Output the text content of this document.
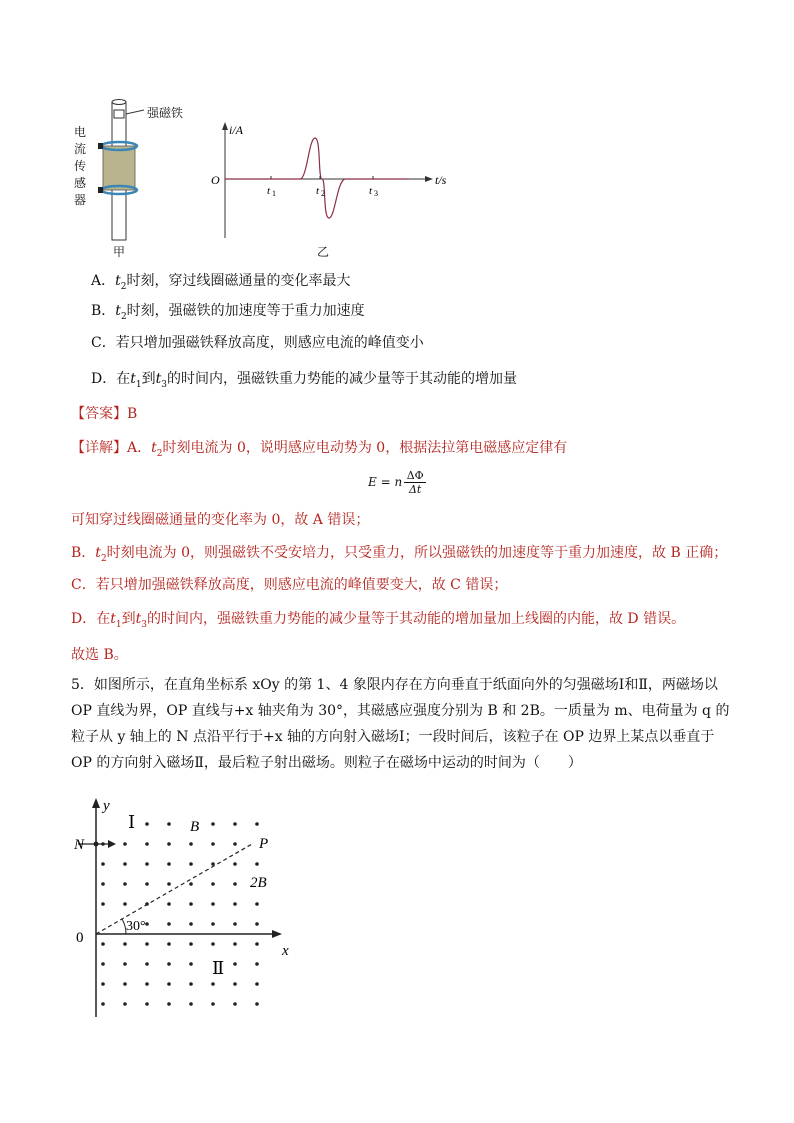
强磁铁
电
流
传
感
器
甲
i/A
t/s
O
t 1	t 2	t 3
乙
A．$t_2$时刻，穿过线圈磁通量的变化率最大
B．$t_2$时刻，强磁铁的加速度等于重力加速度
C．若只增加强磁铁释放高度，则感应电流的峰值变小
D．在$t_1$到$t_3$的时间内，强磁铁重力势能的减少量等于其动能的增加量
【答案】B
【详解】A．$t_2$时刻电流为 0，说明感应电动势为 0，根据法拉第电磁感应定律有
E = n ΔΦ
Δt
可知穿过线圈磁通量的变化率为 0，故 A 错误；
B．$t_2$时刻电流为 0，则强磁铁不受安培力，只受重力，所以强磁铁的加速度等于重力加速度，故 B 正确；
C．若只增加强磁铁释放高度，则感应电流的峰值要变大，故 C 错误；
D．在$t_1$到$t_3$的时间内，强磁铁重力势能的减少量等于其动能的增加量加上线圈的内能，故 D 错误。
故选 B。
5．如图所示，在直角坐标系 xOy 的第 1、4 象限内存在方向垂直于纸面向外的匀强磁场Ⅰ和Ⅱ，两磁场以 OP 直线为界，OP 直线与+x 轴夹角为 30°，其磁感应强度分别为 B 和 2B。一质量为 m、电荷量为 q 的粒子从 y 轴上的 N 点沿平行于+x 轴的方向射入磁场Ⅰ；一段时间后，该粒子在 OP 边界上某点以垂直于 OP 的方向射入磁场Ⅱ，最后粒子射出磁场。则粒子在磁场中运动的时间为（　　）
y
x
0
N	P
Ⅰ
Ⅱ
B
2B
30°
